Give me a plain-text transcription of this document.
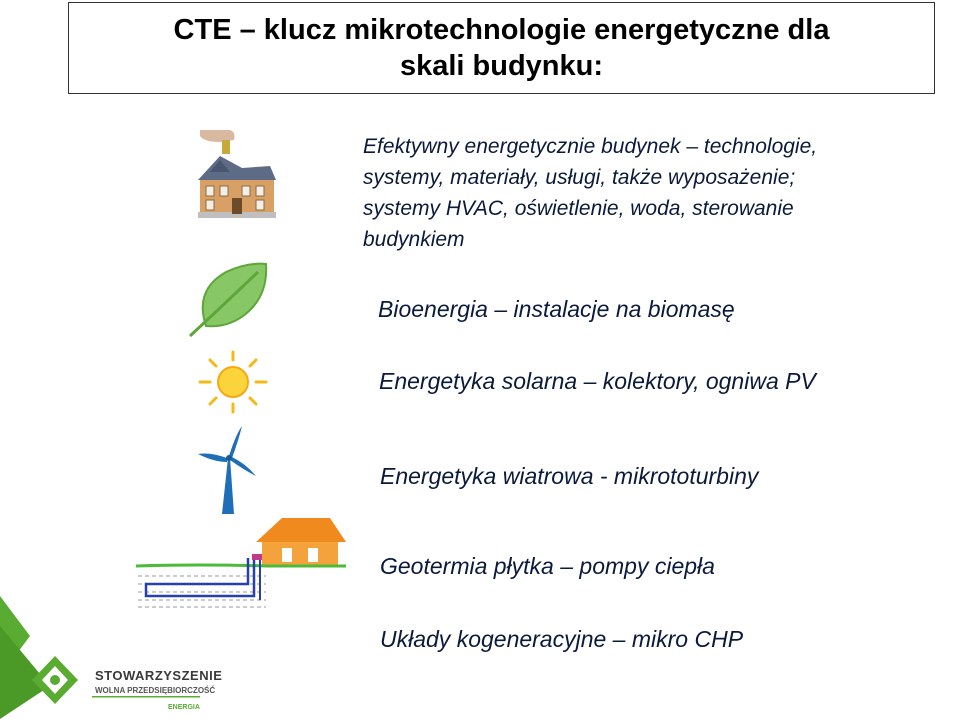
CTE – klucz mikrotechnologie energetyczne dla
skali budynku:
Efektywny energetycznie budynek – technologie,
systemy, materiały, usługi, także wyposażenie;
systemy HVAC, oświetlenie, woda, sterowanie
budynkiem
Bioenergia – instalacje na biomasę
Energetyka solarna – kolektory, ogniwa PV
Energetyka wiatrowa - mikrototurbiny
Geotermia płytka – pompy ciepła
Układy kogeneracyjne – mikro CHP
STOWARZYSZENIE
WOLNA PRZEDSIĘBIORCZOŚĆ
ENERGIA
